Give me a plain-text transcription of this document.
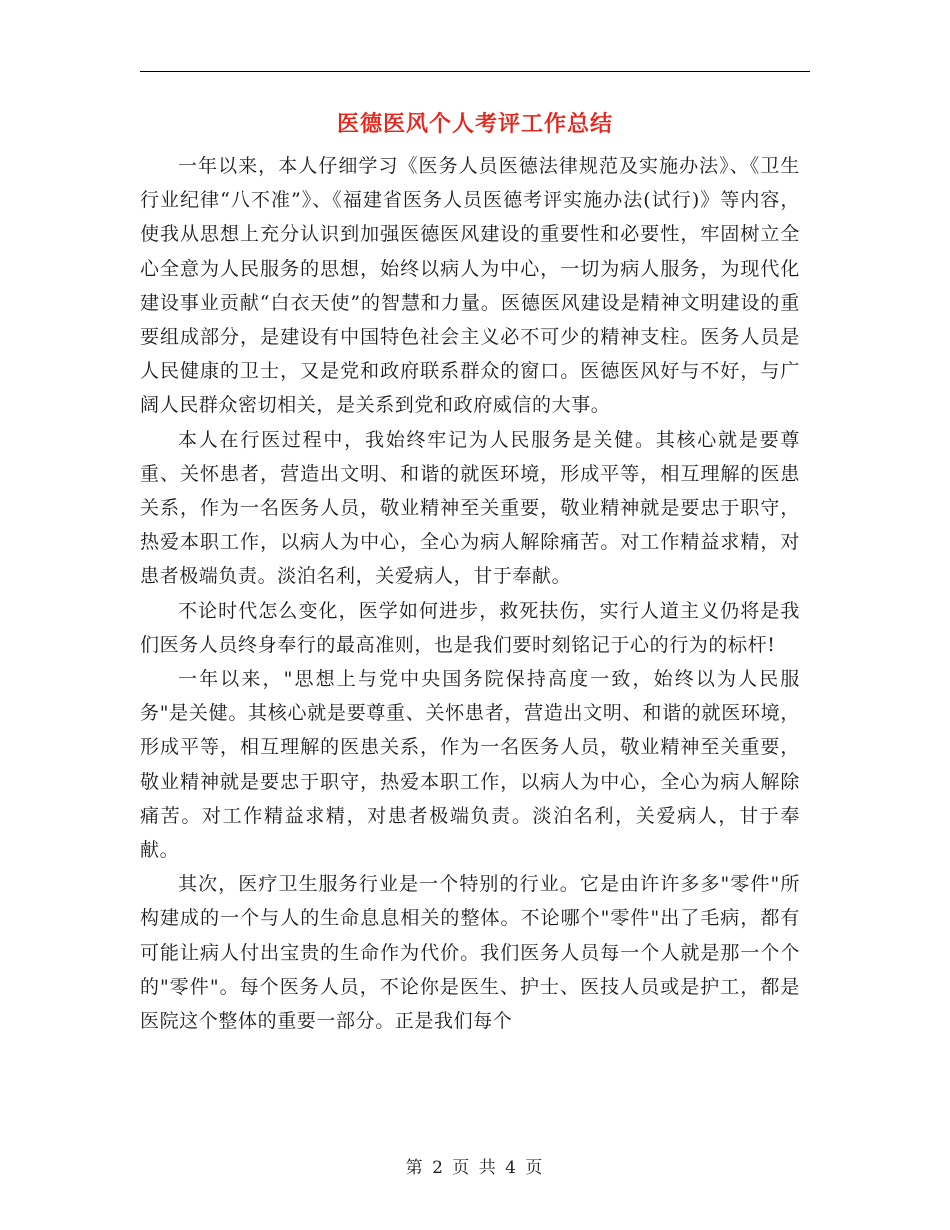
医德医风个人考评工作总结

一年以来，本人仔细学习《医务人员医德法律规范及实施办法》、《卫生行业纪律“八不准”》、《福建省医务人员医德考评实施办法(试行)》等内容，使我从思想上充分认识到加强医德医风建设的重要性和必要性，牢固树立全心全意为人民服务的思想，始终以病人为中心，一切为病人服务，为现代化建设事业贡献“白衣天使”的智慧和力量。医德医风建设是精神文明建设的重要组成部分，是建设有中国特色社会主义必不可少的精神支柱。医务人员是人民健康的卫士，又是党和政府联系群众的窗口。医德医风好与不好，与广阔人民群众密切相关，是关系到党和政府威信的大事。

本人在行医过程中，我始终牢记为人民服务是关健。其核心就是要尊重、关怀患者，营造出文明、和谐的就医环境，形成平等，相互理解的医患关系，作为一名医务人员，敬业精神至关重要，敬业精神就是要忠于职守，热爱本职工作，以病人为中心，全心为病人解除痛苦。对工作精益求精，对患者极端负责。淡泊名利，关爱病人，甘于奉献。

不论时代怎么变化，医学如何进步，救死扶伤，实行人道主义仍将是我们医务人员终身奉行的最高准则，也是我们要时刻铭记于心的行为的标杆!

一年以来，"思想上与党中央国务院保持高度一致，始终以为人民服务"是关健。其核心就是要尊重、关怀患者，营造出文明、和谐的就医环境，形成平等，相互理解的医患关系，作为一名医务人员，敬业精神至关重要，敬业精神就是要忠于职守，热爱本职工作，以病人为中心，全心为病人解除痛苦。对工作精益求精，对患者极端负责。淡泊名利，关爱病人，甘于奉献。

其次，医疗卫生服务行业是一个特别的行业。它是由许许多多"零件"所构建成的一个与人的生命息息相关的整体。不论哪个"零件"出了毛病，都有可能让病人付出宝贵的生命作为代价。我们医务人员每一个人就是那一个个的"零件"。每个医务人员，不论你是医生、护士、医技人员或是护工，都是医院这个整体的重要一部分。正是我们每个

第 2 页 共 4 页
